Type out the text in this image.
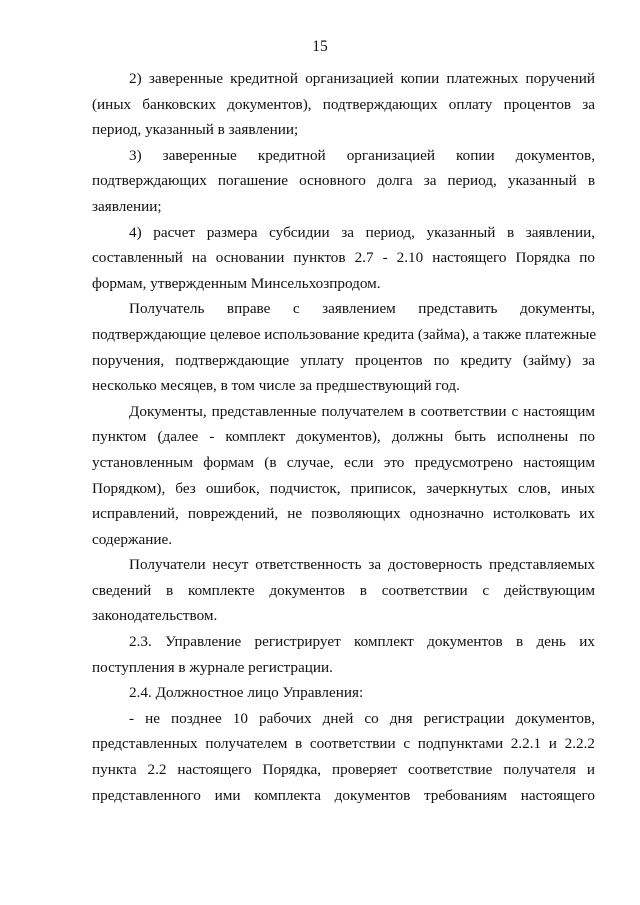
15
2) заверенные кредитной организацией копии платежных поручений
(иных банковских документов), подтверждающих оплату процентов за
период, указанный в заявлении;
3) заверенные кредитной организацией копии документов,
подтверждающих погашение основного долга за период, указанный в
заявлении;
4) расчет размера субсидии за период, указанный в заявлении,
составленный на основании пунктов 2.7 - 2.10 настоящего Порядка по
формам, утвержденным Минсельхозпродом.
Получатель вправе с заявлением представить документы,
подтверждающие целевое использование кредита (займа), а также платежные
поручения, подтверждающие уплату процентов по кредиту (займу) за
несколько месяцев, в том числе за предшествующий год.
Документы, представленные получателем в соответствии с настоящим
пунктом (далее - комплект документов), должны быть исполнены по
установленным формам (в случае, если это предусмотрено настоящим
Порядком), без ошибок, подчисток, приписок, зачеркнутых слов, иных
исправлений, повреждений, не позволяющих однозначно истолковать их
содержание.
Получатели несут ответственность за достоверность представляемых
сведений в комплекте документов в соответствии с действующим
законодательством.
2.3. Управление регистрирует комплект документов в день их
поступления в журнале регистрации.
2.4. Должностное лицо Управления:
- не позднее 10 рабочих дней со дня регистрации документов,
представленных получателем в соответствии с подпунктами 2.2.1 и 2.2.2
пункта 2.2 настоящего Порядка, проверяет соответствие получателя и
представленного ими комплекта документов требованиям настоящего
